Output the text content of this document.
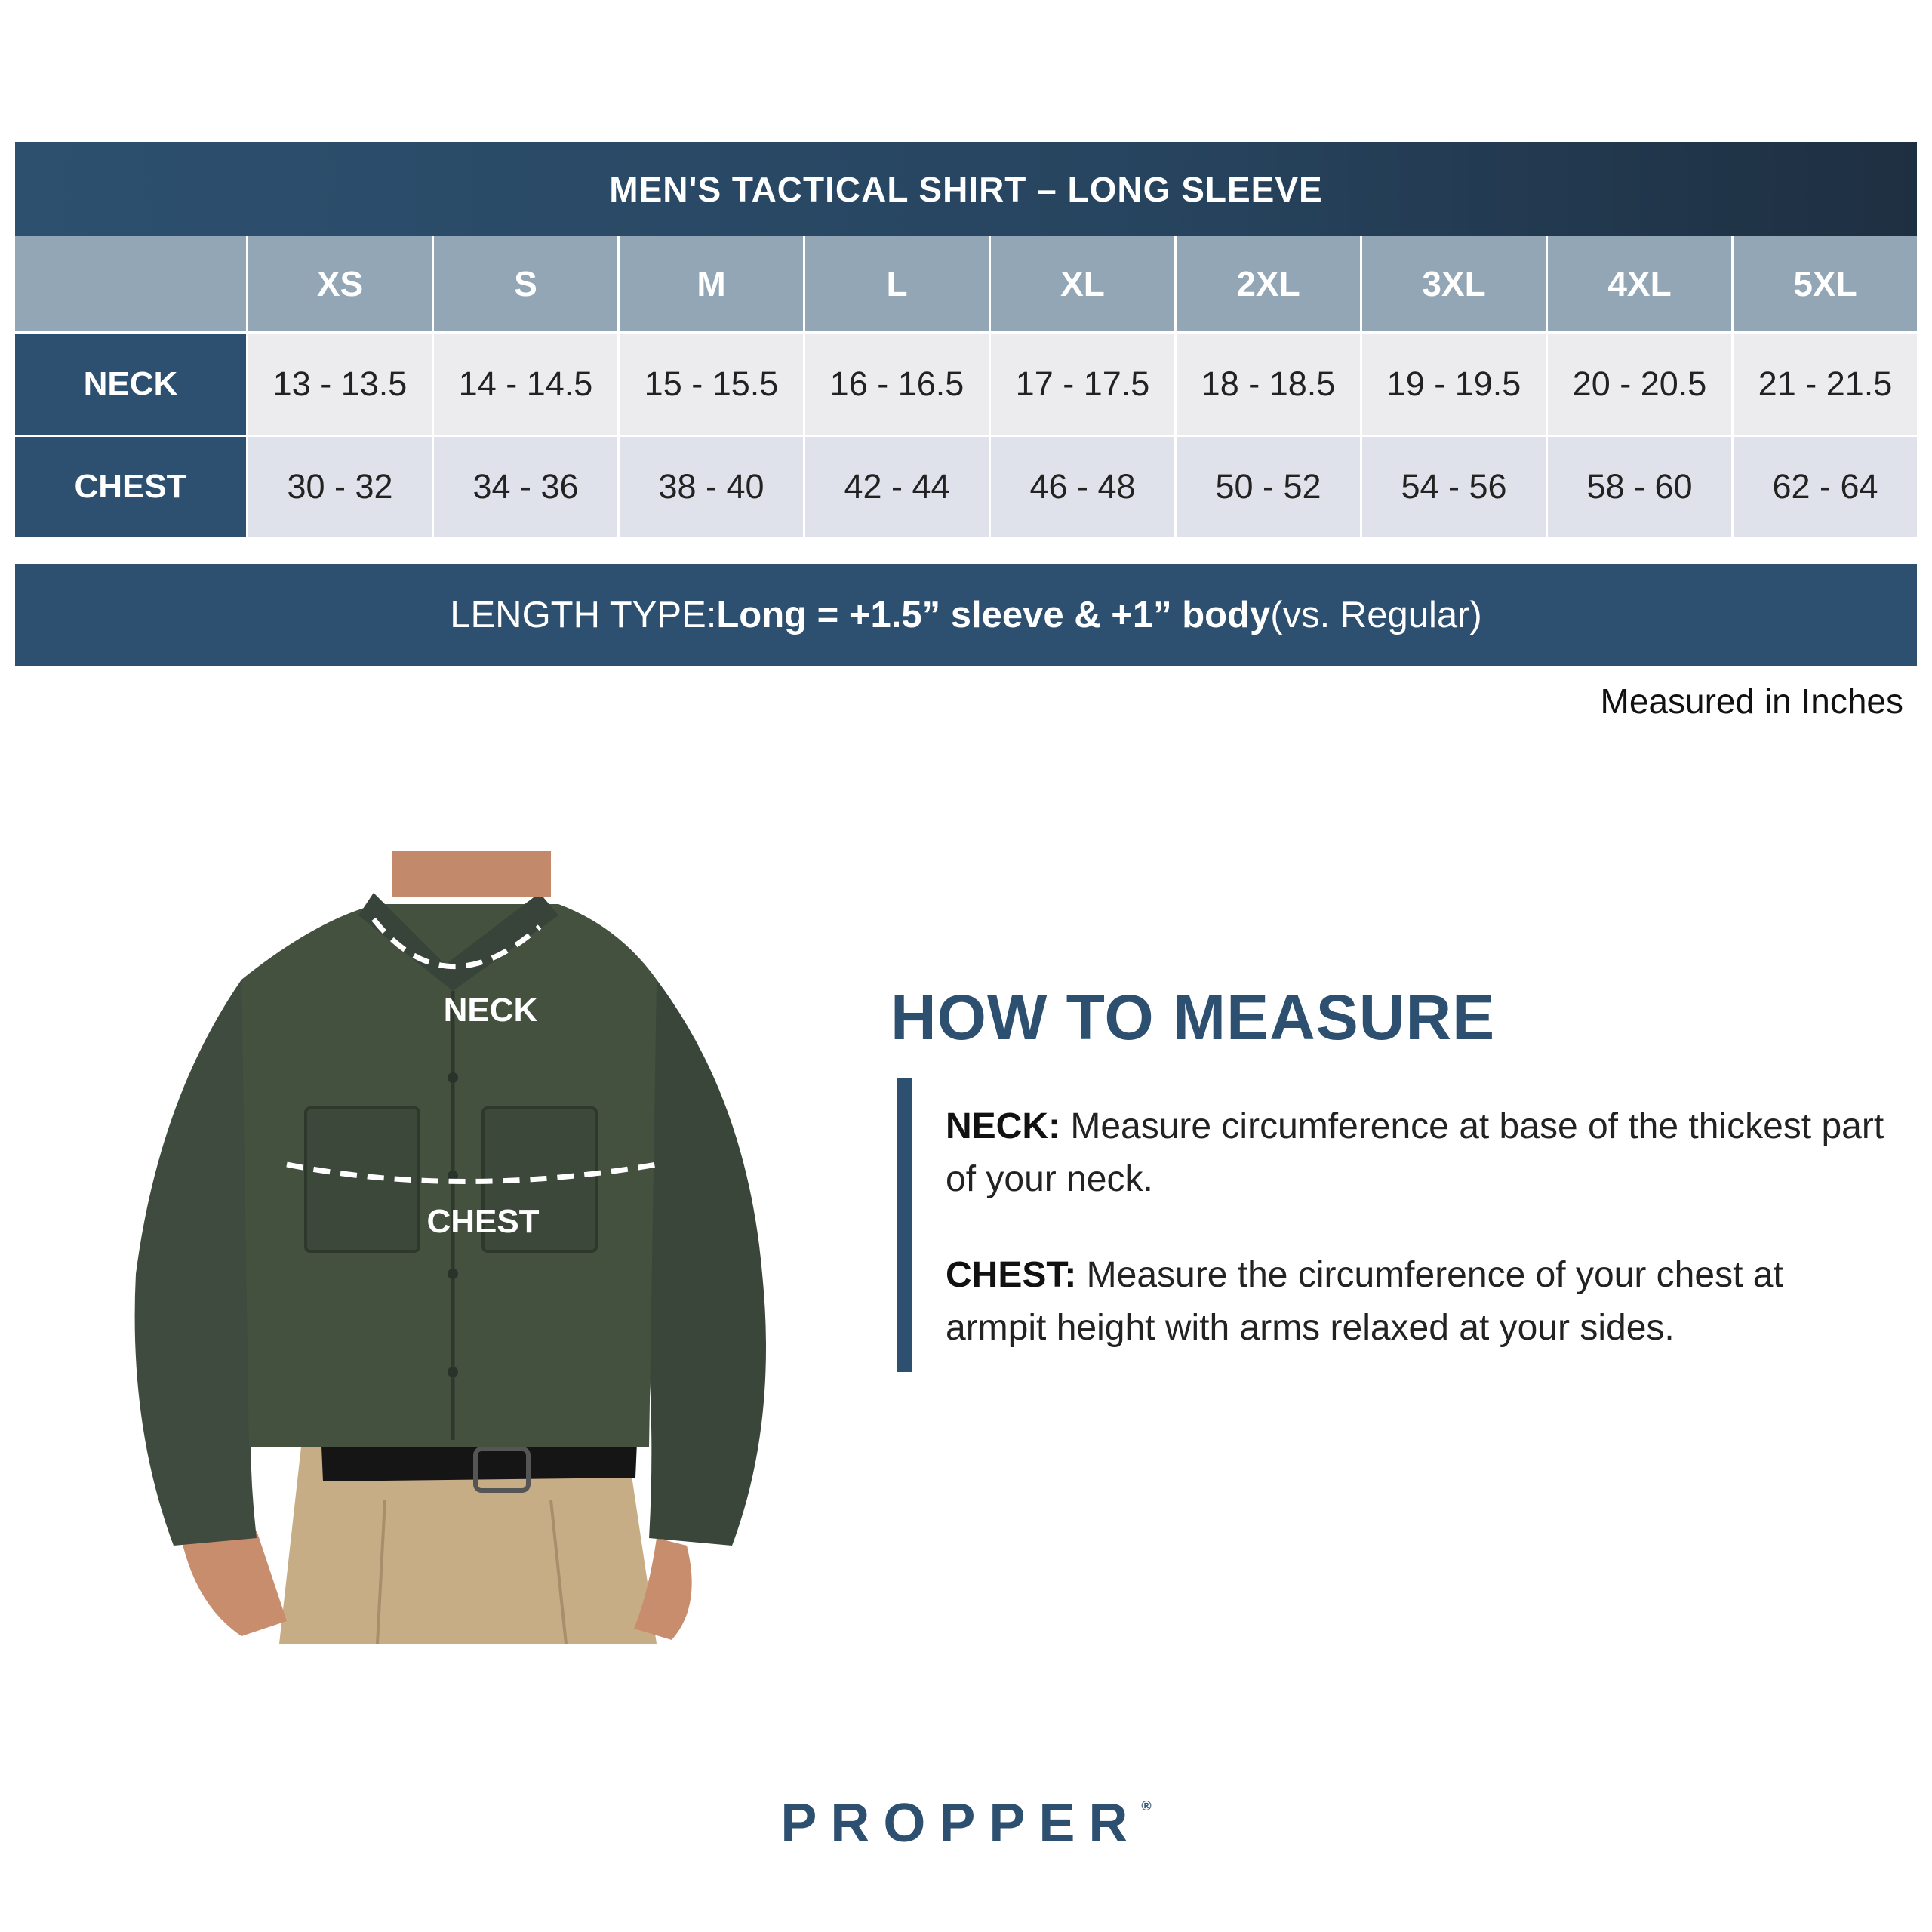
MEN'S TACTICAL SHIRT – LONG SLEEVE
	XS	S	M	L	XL	2XL	3XL	4XL	5XL
NECK	13 - 13.5	14 - 14.5	15 - 15.5	16 - 16.5	17 - 17.5	18 - 18.5	19 - 19.5	20 - 20.5	21 - 21.5
CHEST	30 - 32	34 - 36	38 - 40	42 - 44	46 - 48	50 - 52	54 - 56	58 - 60	62 - 64
LENGTH TYPE: Long = +1.5” sleeve & +1” body (vs. Regular)
Measured in Inches
NECK
CHEST
HOW TO MEASURE
NECK: Measure circumference at base of the thickest part of your neck.
CHEST: Measure the circumference of your chest at armpit height with arms relaxed at your sides.
PROPPER®
